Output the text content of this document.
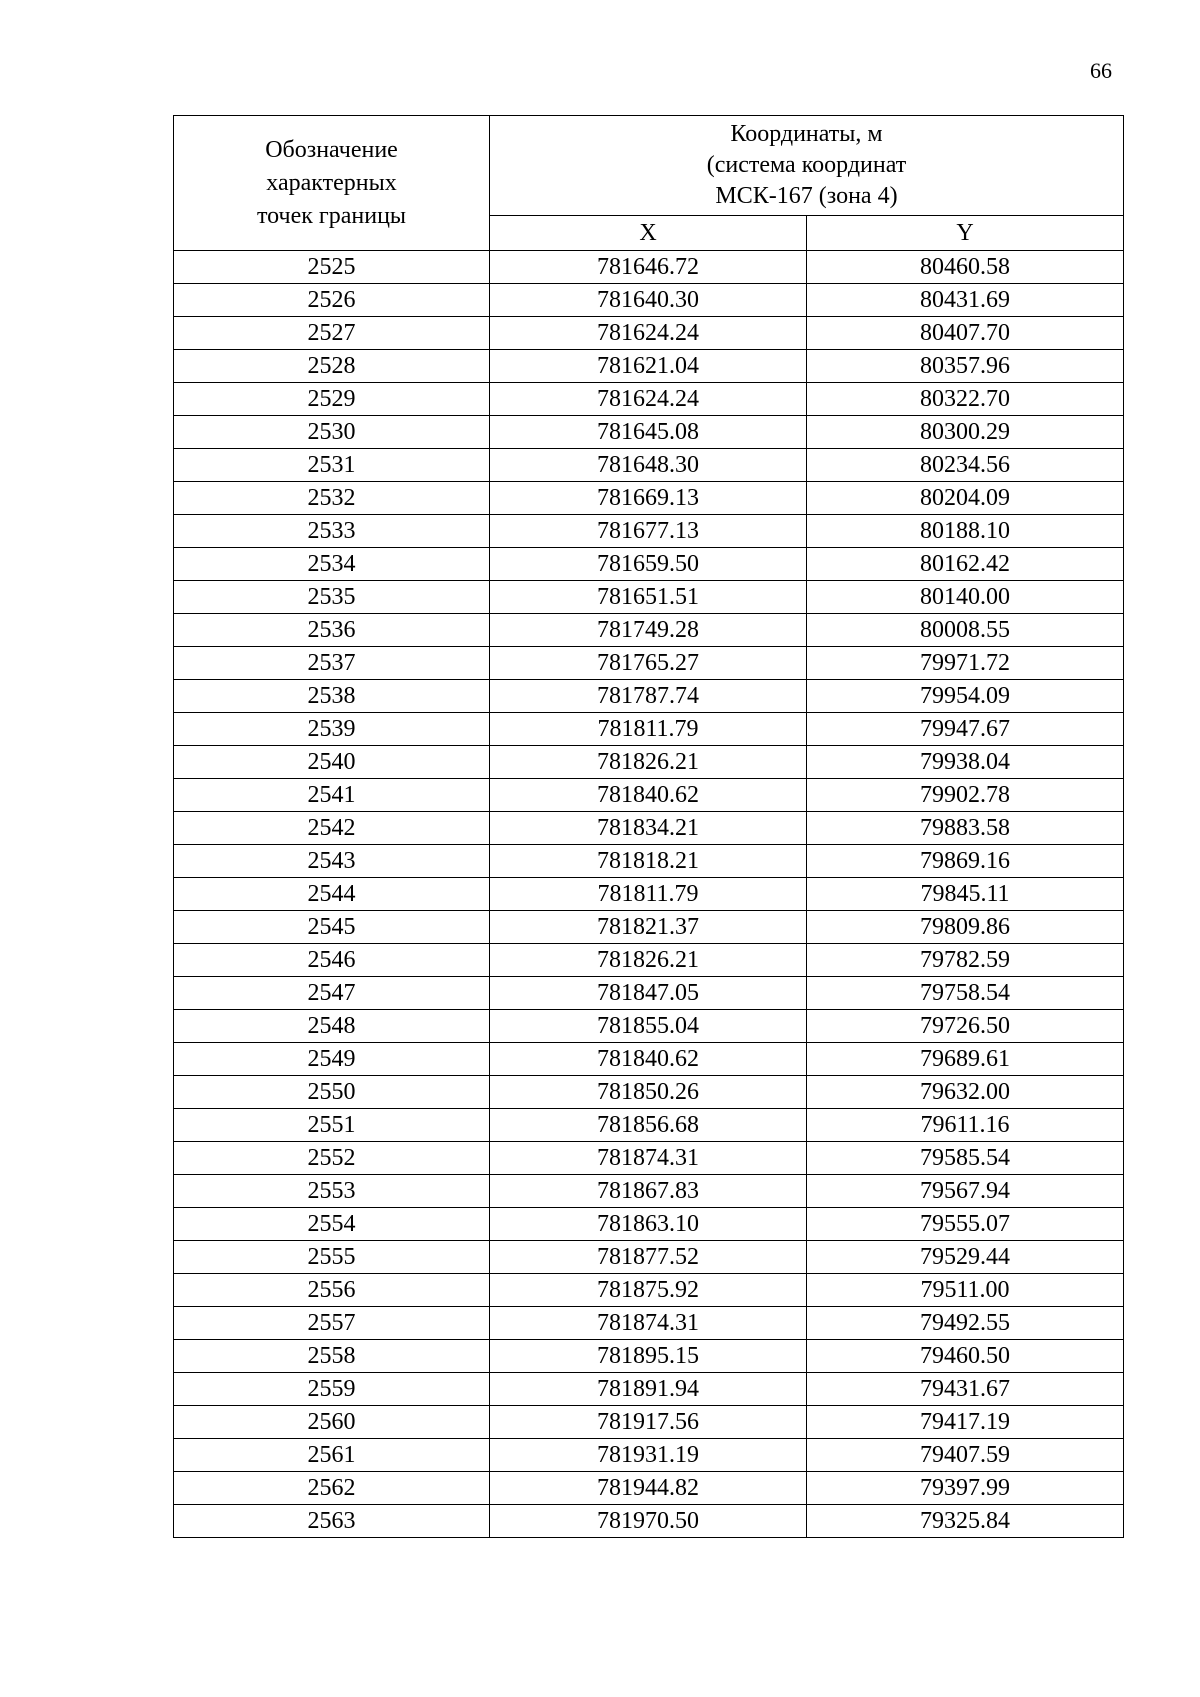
66
Обозначение
характерных
точек границы	Координаты, м
(система координат
МСК-167 (зона 4)	
	X	Y
2525	781646.72	80460.58
2526	781640.30	80431.69
2527	781624.24	80407.70
2528	781621.04	80357.96
2529	781624.24	80322.70
2530	781645.08	80300.29
2531	781648.30	80234.56
2532	781669.13	80204.09
2533	781677.13	80188.10
2534	781659.50	80162.42
2535	781651.51	80140.00
2536	781749.28	80008.55
2537	781765.27	79971.72
2538	781787.74	79954.09
2539	781811.79	79947.67
2540	781826.21	79938.04
2541	781840.62	79902.78
2542	781834.21	79883.58
2543	781818.21	79869.16
2544	781811.79	79845.11
2545	781821.37	79809.86
2546	781826.21	79782.59
2547	781847.05	79758.54
2548	781855.04	79726.50
2549	781840.62	79689.61
2550	781850.26	79632.00
2551	781856.68	79611.16
2552	781874.31	79585.54
2553	781867.83	79567.94
2554	781863.10	79555.07
2555	781877.52	79529.44
2556	781875.92	79511.00
2557	781874.31	79492.55
2558	781895.15	79460.50
2559	781891.94	79431.67
2560	781917.56	79417.19
2561	781931.19	79407.59
2562	781944.82	79397.99
2563	781970.50	79325.84
